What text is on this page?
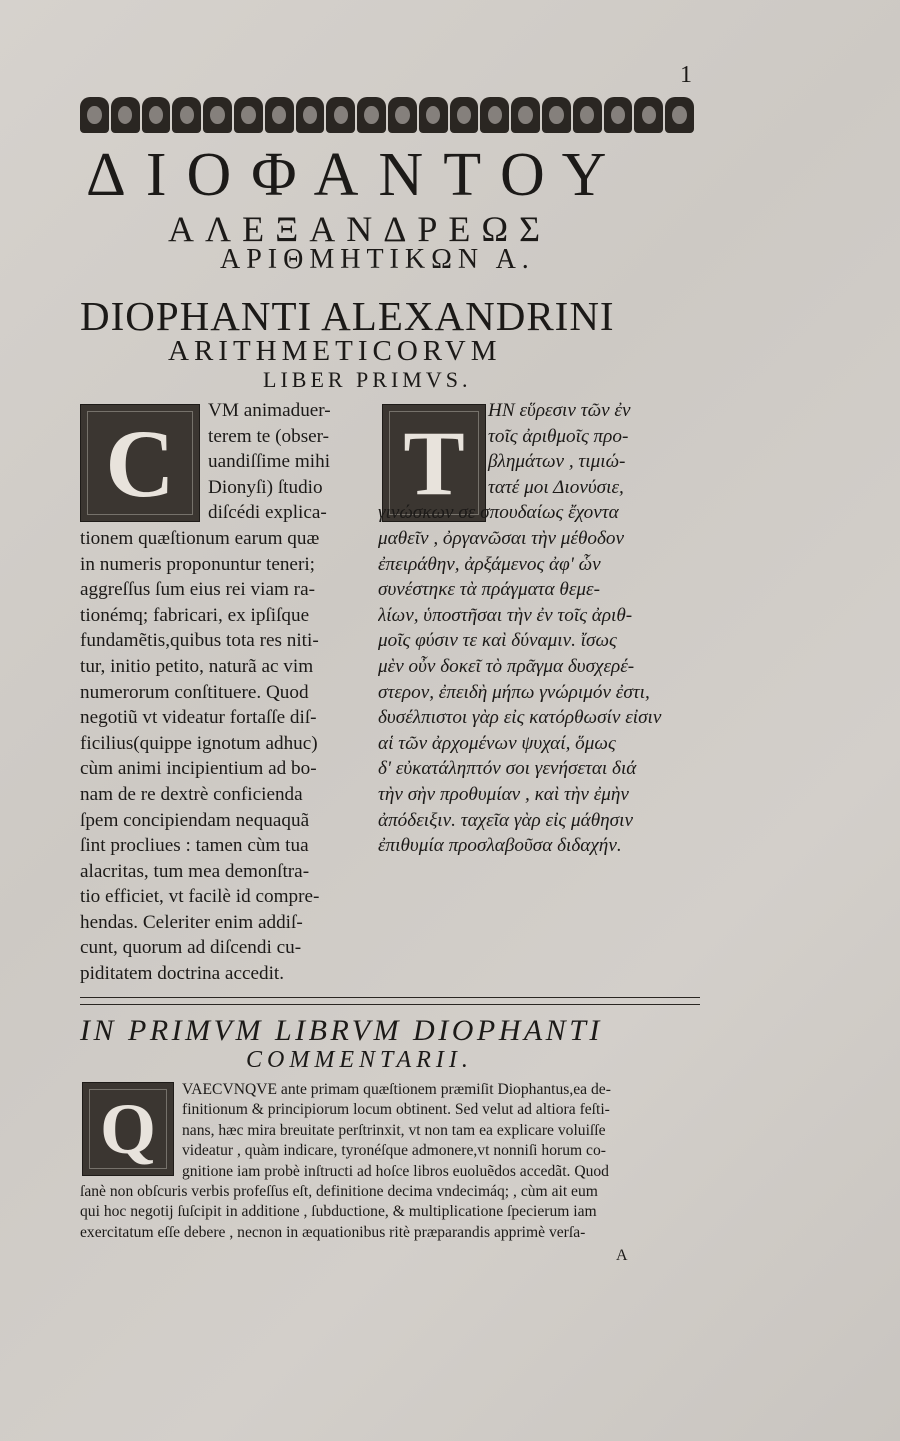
1
ΔΙΟΦΑΝΤΟΥ
ΑΛΕΞΑΝΔΡΕΩΣ
ΑΡΙΘΜΗΤΙΚΩΝ Α.
DIOPHANTI ALEXANDRINI
ARITHMETICORVM
LIBER PRIMVS.
C	VM animaduer-
terem te (obser-
uandiſſime mihi
Dionyſi) ſtudio
diſcédi explica-
tionem quæſtionum earum quæ
in numeris proponuntur teneri;
aggreſſus ſum eius rei viam ra-
tionémq; fabricari, ex ipſiſque
fundamẽtis,quibus tota res niti-
tur, initio petito, naturã ac vim
numerorum conſtituere. Quod
negotiũ vt videatur fortaſſe diſ-
ficilius(quippe ignotum adhuc)
cùm animi incipientium ad bo-
nam de re dextrè conficienda
ſpem concipiendam nequaquã
ſint procliues : tamen cùm tua
alacritas, tum mea demonſtra-
tio efficiet, vt facilè id compre-
hendas. Celeriter enim addiſ-
cunt, quorum ad diſcendi cu-
piditatem doctrina accedit.
Τ
ΗΝ εὕρεσιν τῶν ἐν
τοῖς ἀριθμοῖς προ-
βλημάτων , τιμιώ-
τατέ μοι Διονύσιε,
γινώσκων σε σπουδαίως ἔχοντα
μαθεῖν , ὀργανῶσαι τὴν μέθοδον
ἐπειράθην, ἀρξάμενος ἀφ' ὧν
συνέστηκε τὰ πράγματα θεμε-
λίων, ὑποστῆσαι τὴν ἐν τοῖς ἀριθ-
μοῖς φύσιν τε καὶ δύναμιν. ἴσως
μὲν οὖν δοκεῖ τὸ πρᾶγμα δυσχερέ-
στερον, ἐπειδὴ μήπω γνώριμόν ἐστι,
δυσέλπιστοι γὰρ εἰς κατόρθωσίν εἰσιν
αἱ τῶν ἀρχομένων ψυχαί, ὅμως
δ' εὐκατάληπτόν σοι γενήσεται διά
τὴν σὴν προθυμίαν , καὶ τὴν ἐμὴν
ἀπόδειξιν. ταχεῖα γὰρ εἰς μάθησιν
ἐπιθυμία προσλαβοῦσα διδαχήν.
IN PRIMVM LIBRVM DIOPHANTI
COMMENTARII.
Q	VAECVNQVE ante primam quæſtionem præmiſit Diophantus,ea de-
finitionum & principiorum locum obtinent. Sed velut ad altiora feſti-
nans, hæc mira breuitate perſtrinxit, vt non tam ea explicare voluiſſe
videatur , quàm indicare, tyronéſque admonere,vt nonniſi horum co-
gnitione iam probè inſtructi ad hoſce libros euoluẽdos accedãt. Quod
ſanè non obſcuris verbis profeſſus eſt, definitione decima vndecimáq; , cùm ait eum
qui hoc negotij ſuſcipit in additione , ſubductione, & multiplicatione ſpecierum iam
exercitatum eſſe debere , necnon in æquationibus ritè præparandis apprimè verſa-
A
